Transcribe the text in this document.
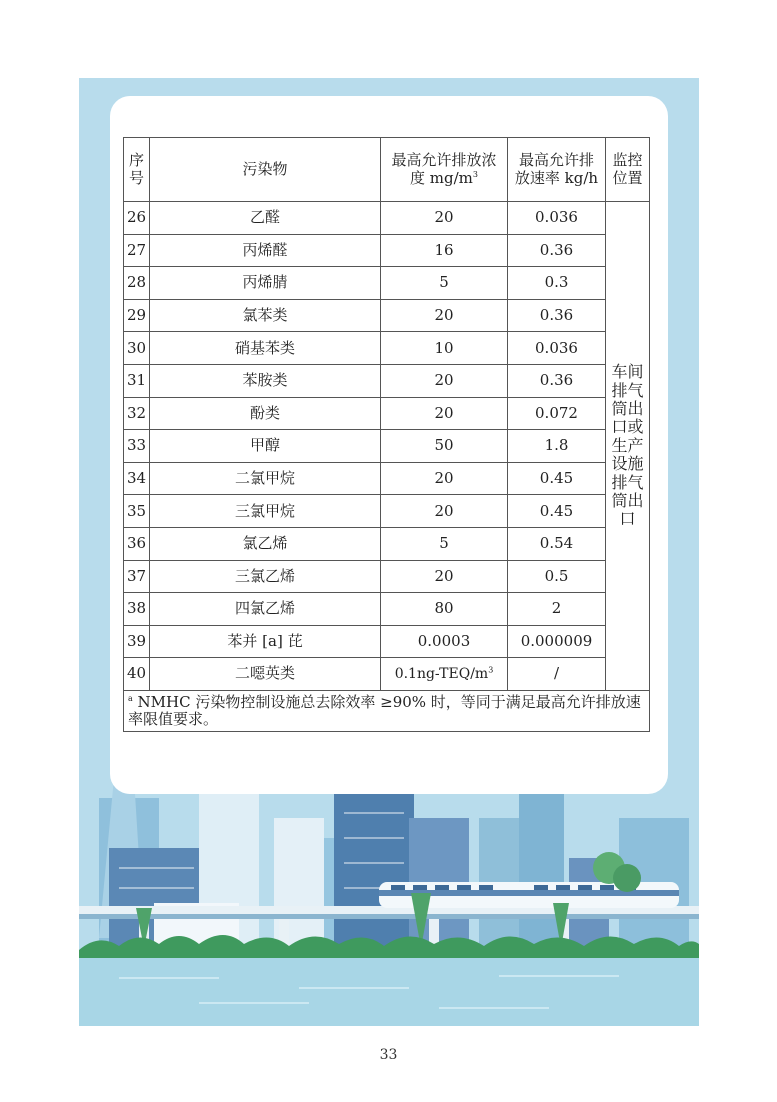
序号	污染物	最高允许排放浓度 $mg/m^3$	最高允许排放速率 kg/h	监控位置
26	乙醛	20	0.036	车间排气筒出口或生产设施排气筒出口
27	丙烯醛	16	0.36	
28	丙烯腈	5	0.3	
29	氯苯类	20	0.36	
30	硝基苯类	10	0.036	
31	苯胺类	20	0.36	
32	酚类	20	0.072	
33	甲醇	50	1.8	
34	二氯甲烷	20	0.45	
35	三氯甲烷	20	0.45	
36	氯乙烯	5	0.54	
37	三氯乙烯	20	0.5	
38	四氯乙烯	80	2	
39	苯并 [a] 芘	0.0003	0.000009	
40	二噁英类	$0.1ng-TEQ/m^3$	/	
$^a$ NMHC 污染物控制设施总去除效率 ≥90% 时，等同于满足最高允许排放速率限值要求。				
33
